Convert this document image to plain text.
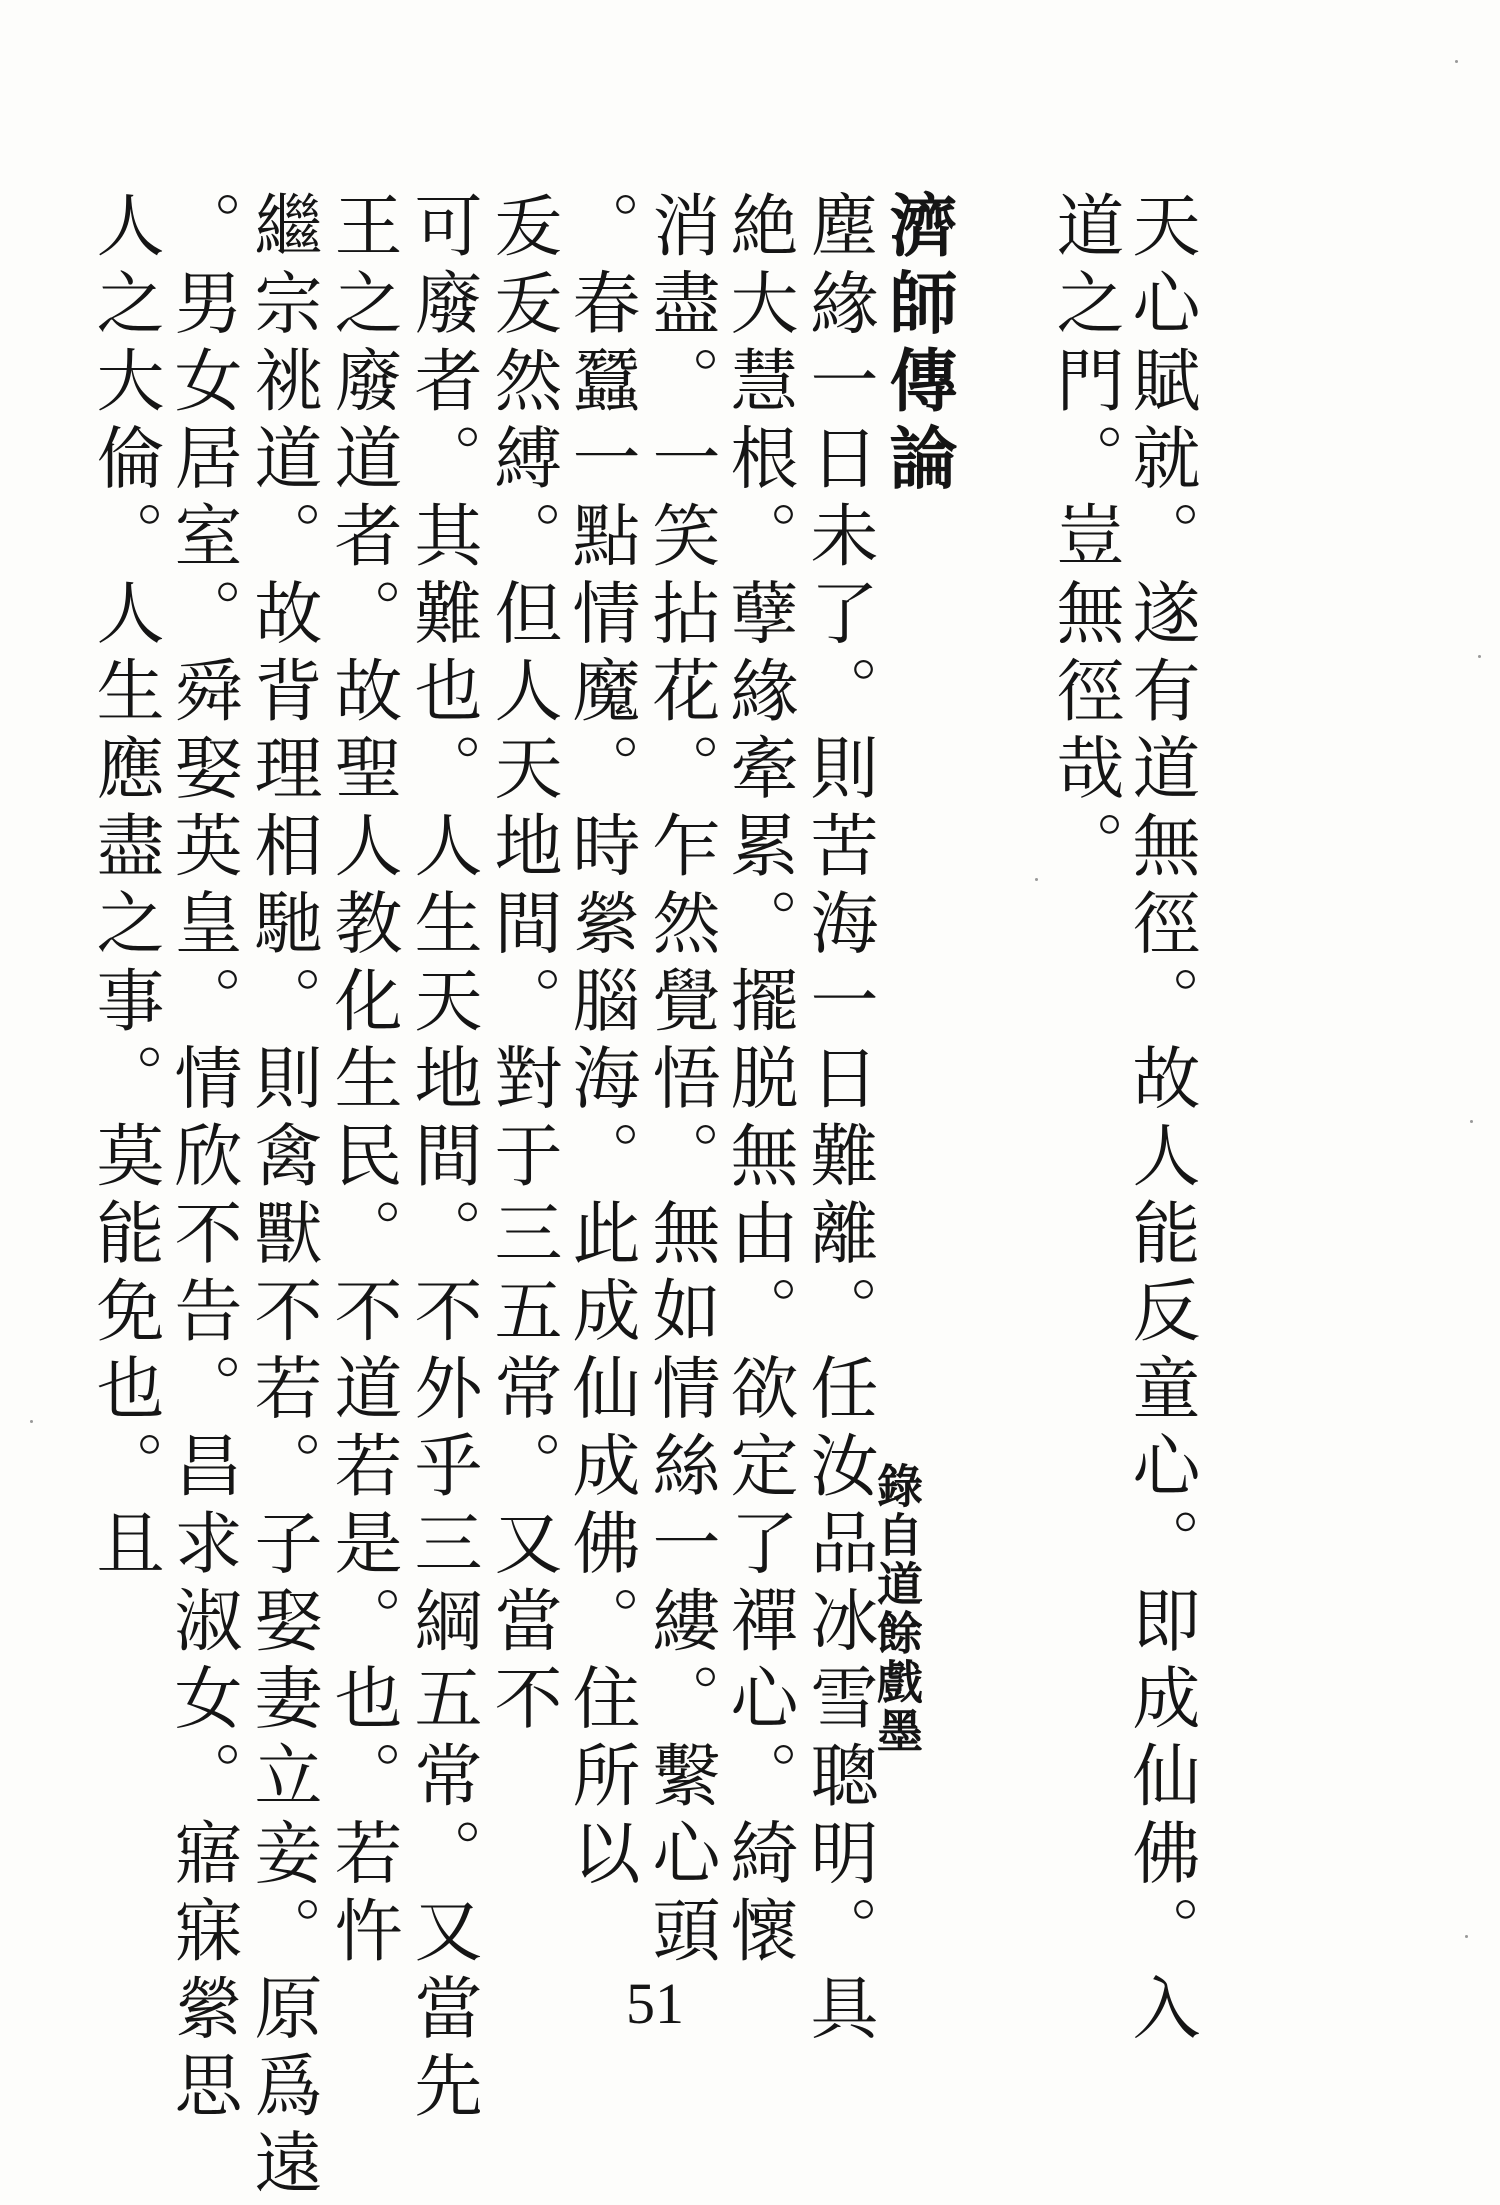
天心賦就。遂有道無徑。故人能反童心。即成仙佛。入
道之門。豈無徑哉。
濟師傳論
塵緣一日未了。則苦海一日難離。任汝品冰雪聰明。具
絶大慧根。孽緣牽累。擺脱無由。欲定了禪心。綺懷
消盡。一笑拈花。乍然覺悟。無如情絲一縷。繫心頭
。春蠶一點情魔。時縈腦海。此成仙成佛。住所以
叐叐然縛。但人天地間。對于三五常。又當不
可廢者。其難也。人生天地間。不外乎三綱五常。又當先
王之廢道者。故聖人教化生民。不道若是。也。若忤
繼宗祧道。故背理相馳。則禽獸不若。子娶妻立妾。原爲遠
。男女居室。舜娶英皇。情欣不告。昌求淑女。寤寐縈思
人之大倫。人生應盡之事。莫能免也。且
錄自道餘戲墨
51
